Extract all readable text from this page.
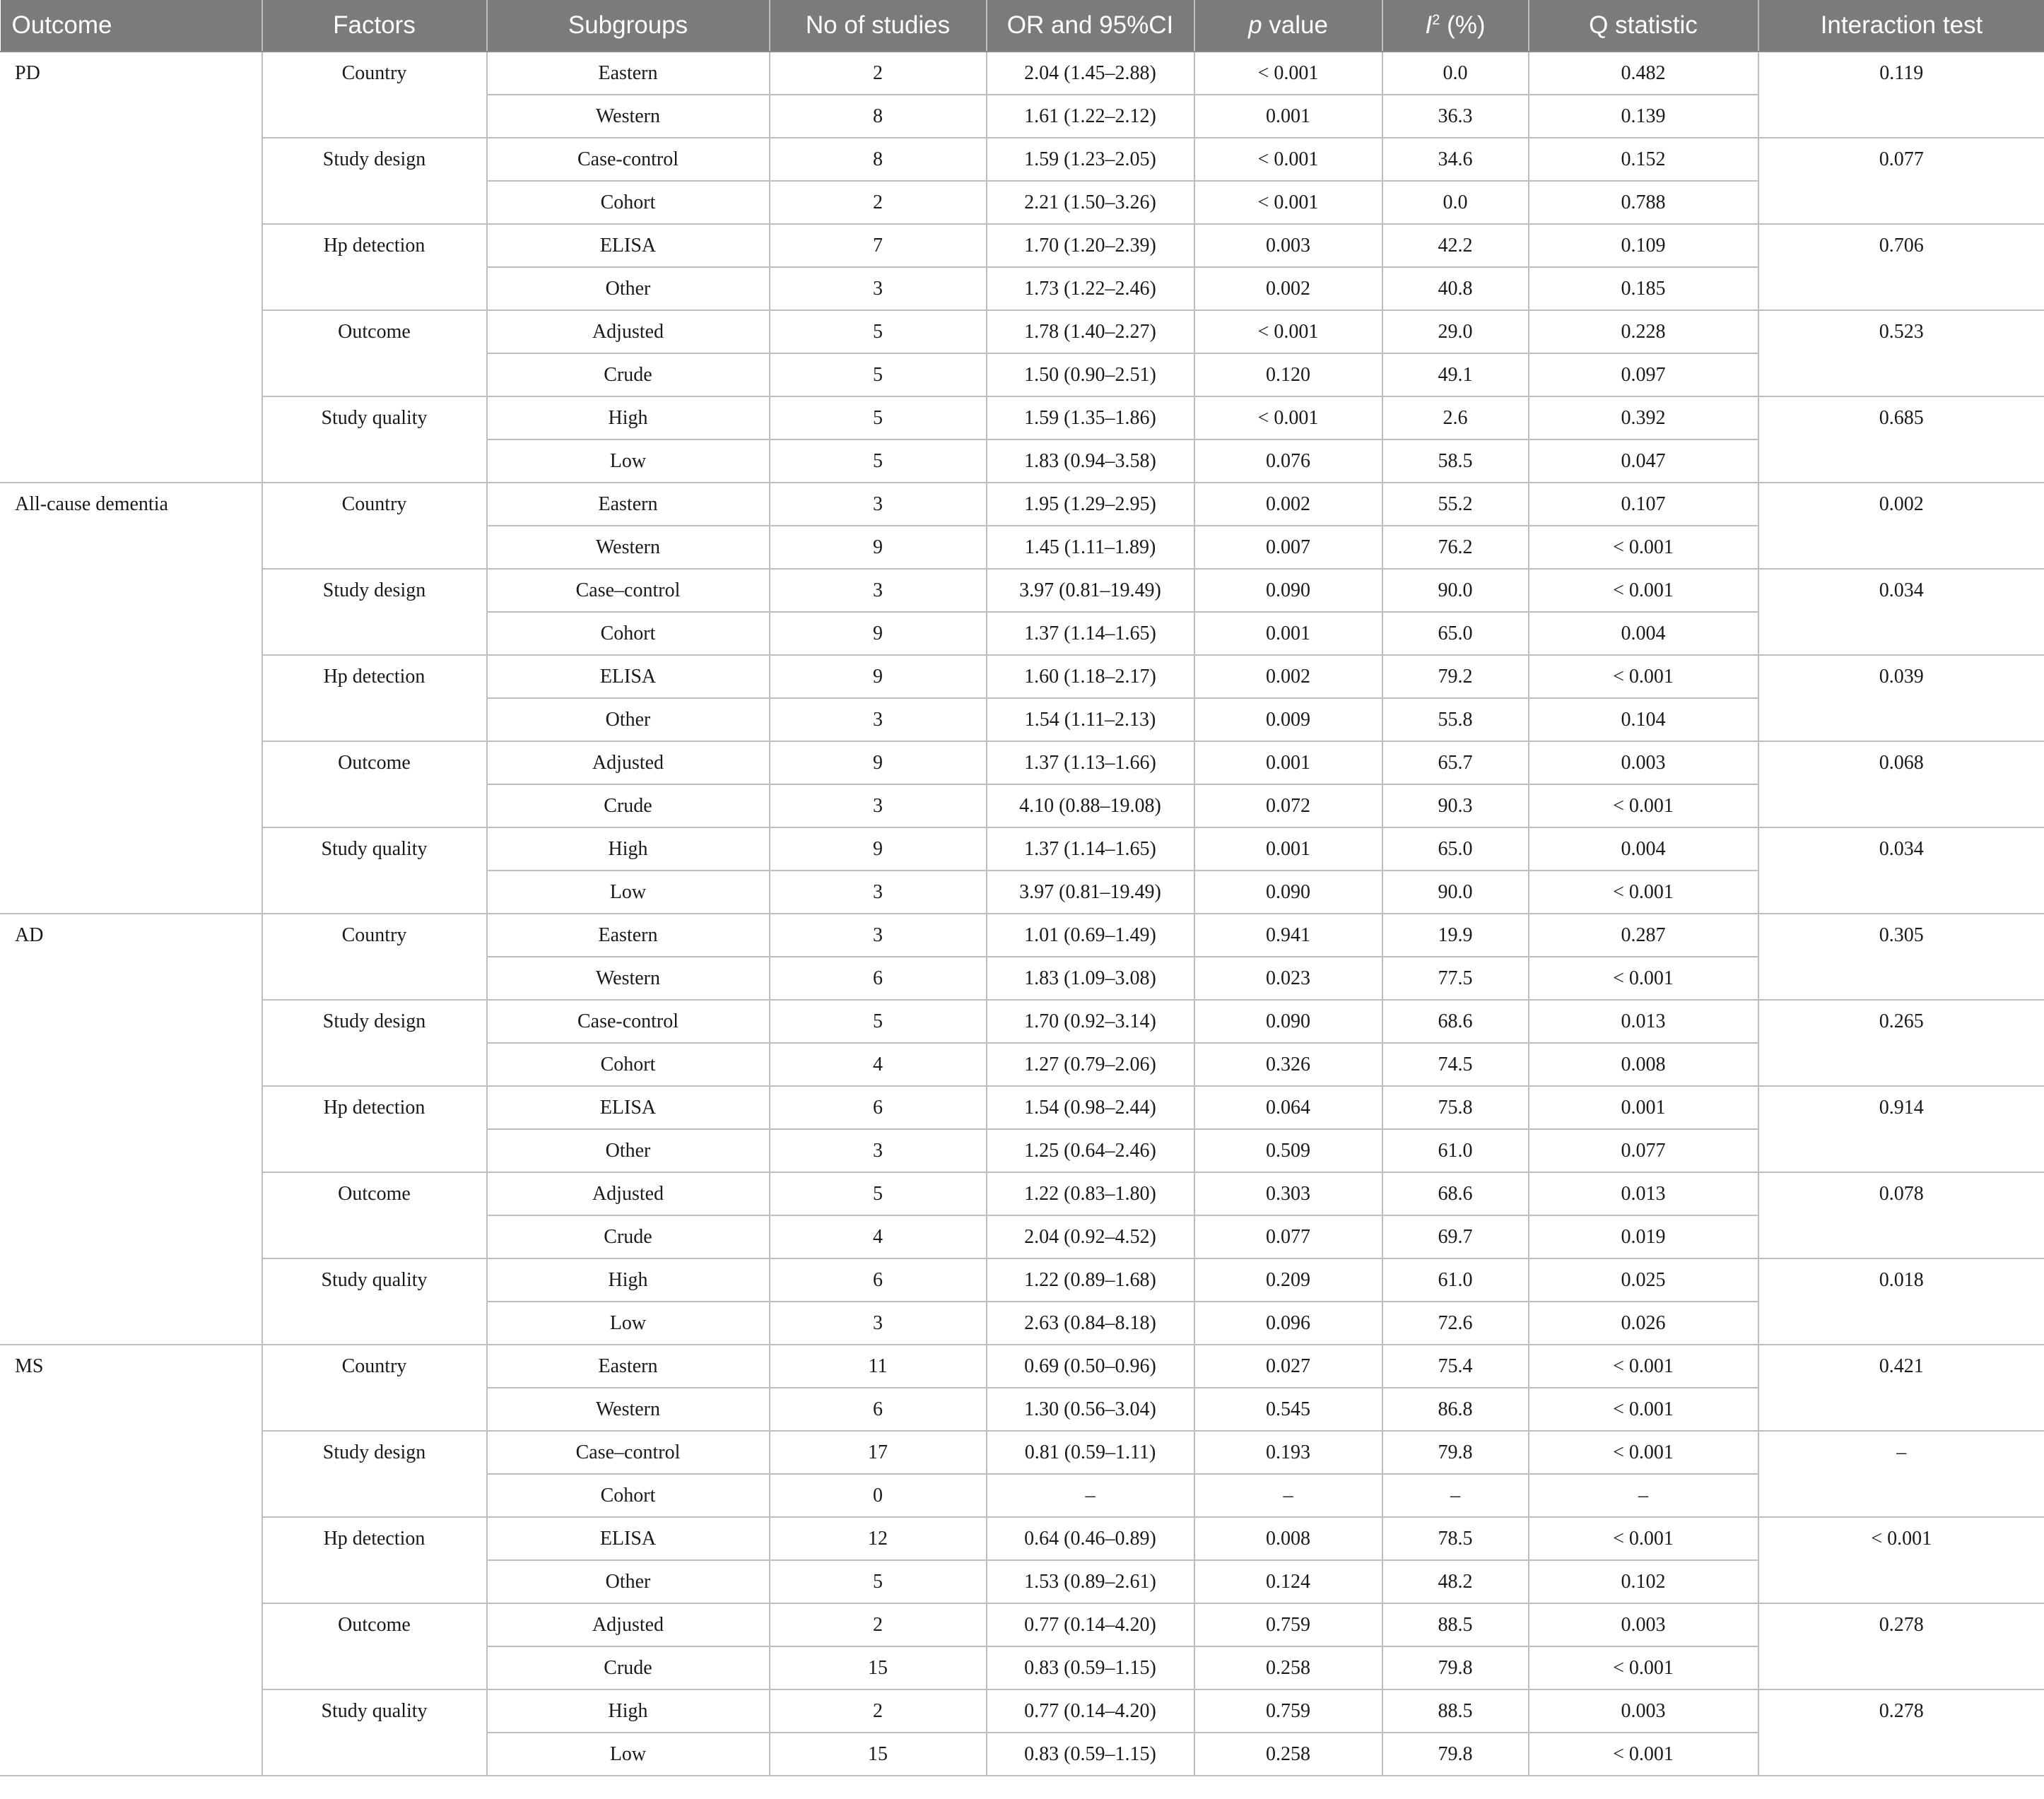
Outcome	Factors	Subgroups	No of studies	OR and 95%CI	p value	$I^2$ (%)	Q statistic	Interaction test
PD	Country	Eastern	2	2.04 (1.45–2.88)	< 0.001	0.0	0.482	0.119
		Western	8	1.61 (1.22–2.12)	0.001	36.3	0.139	
	Study design	Case-control	8	1.59 (1.23–2.05)	< 0.001	34.6	0.152	0.077
		Cohort	2	2.21 (1.50–3.26)	< 0.001	0.0	0.788	
	Hp detection	ELISA	7	1.70 (1.20–2.39)	0.003	42.2	0.109	0.706
		Other	3	1.73 (1.22–2.46)	0.002	40.8	0.185	
	Outcome	Adjusted	5	1.78 (1.40–2.27)	< 0.001	29.0	0.228	0.523
		Crude	5	1.50 (0.90–2.51)	0.120	49.1	0.097	
	Study quality	High	5	1.59 (1.35–1.86)	< 0.001	2.6	0.392	0.685
		Low	5	1.83 (0.94–3.58)	0.076	58.5	0.047	
All-cause dementia	Country	Eastern	3	1.95 (1.29–2.95)	0.002	55.2	0.107	0.002
		Western	9	1.45 (1.11–1.89)	0.007	76.2	< 0.001	
	Study design	Case–control	3	3.97 (0.81–19.49)	0.090	90.0	< 0.001	0.034
		Cohort	9	1.37 (1.14–1.65)	0.001	65.0	0.004	
	Hp detection	ELISA	9	1.60 (1.18–2.17)	0.002	79.2	< 0.001	0.039
		Other	3	1.54 (1.11–2.13)	0.009	55.8	0.104	
	Outcome	Adjusted	9	1.37 (1.13–1.66)	0.001	65.7	0.003	0.068
		Crude	3	4.10 (0.88–19.08)	0.072	90.3	< 0.001	
	Study quality	High	9	1.37 (1.14–1.65)	0.001	65.0	0.004	0.034
		Low	3	3.97 (0.81–19.49)	0.090	90.0	< 0.001	
AD	Country	Eastern	3	1.01 (0.69–1.49)	0.941	19.9	0.287	0.305
		Western	6	1.83 (1.09–3.08)	0.023	77.5	< 0.001	
	Study design	Case-control	5	1.70 (0.92–3.14)	0.090	68.6	0.013	0.265
		Cohort	4	1.27 (0.79–2.06)	0.326	74.5	0.008	
	Hp detection	ELISA	6	1.54 (0.98–2.44)	0.064	75.8	0.001	0.914
		Other	3	1.25 (0.64–2.46)	0.509	61.0	0.077	
	Outcome	Adjusted	5	1.22 (0.83–1.80)	0.303	68.6	0.013	0.078
		Crude	4	2.04 (0.92–4.52)	0.077	69.7	0.019	
	Study quality	High	6	1.22 (0.89–1.68)	0.209	61.0	0.025	0.018
		Low	3	2.63 (0.84–8.18)	0.096	72.6	0.026	
MS	Country	Eastern	11	0.69 (0.50–0.96)	0.027	75.4	< 0.001	0.421
		Western	6	1.30 (0.56–3.04)	0.545	86.8	< 0.001	
	Study design	Case–control	17	0.81 (0.59–1.11)	0.193	79.8	< 0.001	–
		Cohort	0	–	–	–	–	
	Hp detection	ELISA	12	0.64 (0.46–0.89)	0.008	78.5	< 0.001	< 0.001
		Other	5	1.53 (0.89–2.61)	0.124	48.2	0.102	
	Outcome	Adjusted	2	0.77 (0.14–4.20)	0.759	88.5	0.003	0.278
		Crude	15	0.83 (0.59–1.15)	0.258	79.8	< 0.001	
	Study quality	High	2	0.77 (0.14–4.20)	0.759	88.5	0.003	0.278
		Low	15	0.83 (0.59–1.15)	0.258	79.8	< 0.001	
